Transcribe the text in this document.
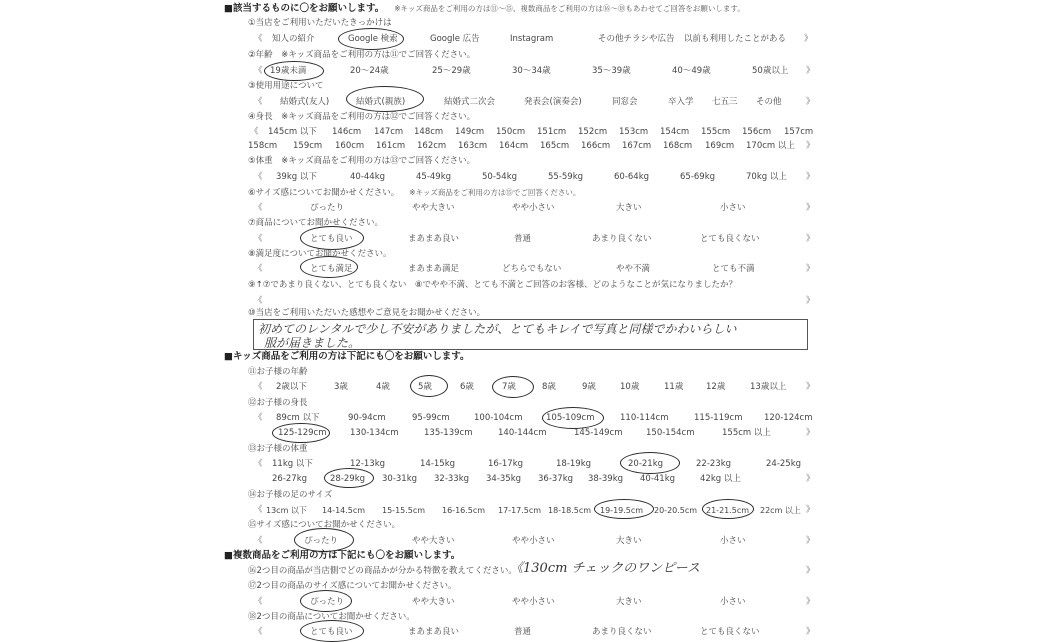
■該当するものに〇をお願いします。 ※キッズ商品をご利用の方は⑪～⑮、複数商品をご利用の方は⑯～⑱もあわせてご回答をお願いします。
①当店をご利用いただいたきっかけは
《 知人の紹介	Google 検索	Google 広告	Instagram	その他チラシや広告 以前も利用したことがある 》
②年齢　※キッズ商品をご利用の方は⑪でご回答ください。
《 19歳未満	20～24歳	25～29歳	30～34歳	35～39歳	40～49歳	50歳以上 》
③使用用途について
《 結婚式(友人)	結婚式(親族)	結婚式二次会	発表会(演奏会)	同窓会	卒入学 七五三 その他	》
④身長　※キッズ商品をご利用の方は⑫でご回答ください。
《 145cm 以下 146cm 147cm 148cm 149cm 150cm 151cm 152cm 153cm 154cm 155cm 156cm 157cm
158cm 159cm 160cm 161cm 162cm 163cm 164cm 165cm 166cm 167cm 168cm 169cm 170cm 以上 》
⑤体重　※キッズ商品をご利用の方は⑬でご回答ください。
《 39kg 以下	40-44kg	45-49kg	50-54kg	55-59kg	60-64kg	65-69kg	70kg 以上 》
⑥サイズ感についてお聞かせください。 ※キッズ商品をご利用の方は⑮でご回答ください。
《	ぴったり	やや大きい	やや小さい	大きい	小さい	》
⑦商品についてお聞かせください。
《	とても良い	まあまあ良い	普通	あまり良くない	とても良くない	》
⑧満足度についてお聞かせください。
《	とても満足	まあまあ満足	どちらでもない	やや不満	とても不満	》
⑨↑⑦であまり良くない、とても良くない　⑧でやや不満、とても不満とご回答のお客様、どのようなことが気になりましたか？
《	》
⑩当店をご利用いただいた感想やご意見をお聞かせください。
初めてのレンタルで少し不安がありましたが、とてもキレイで写真と同様でかわいらしい
服が届きました。
■キッズ商品をご利用の方は下記にも〇をお願いします。
⑪お子様の年齢
《 2歳以下	3歳	4歳	5歳	6歳	7歳	8歳	9歳	10歳	11歳	12歳	13歳以上 》
⑫お子様の身長
《 89cm 以下	90-94cm	95-99cm	100-104cm	105-109cm	110-114cm	115-119cm	120-124cm
125-129cm	130-134cm	135-139cm	140-144cm	145-149cm	150-154cm	155cm 以上	》
⑬お子様の体重
《 11kg 以下	12-13kg	14-15kg	16-17kg	18-19kg	20-21kg	22-23kg	24-25kg
26-27kg	28-29kg 30-31kg 32-33kg 34-35kg 36-37kg 38-39kg 40-41kg	42kg 以上	》
⑭お子様の足のサイズ
《 13cm 以下 14-14.5cm 15-15.5cm 16-16.5cm 17-17.5cm 18-18.5cm 19-19.5cm 20-20.5cm 21-21.5cm 22cm 以上 》
⑮サイズ感についてお聞かせください。
《	ぴったり	やや大きい	やや小さい	大きい	小さい	》
■複数商品をご利用の方は下記にも〇をお願いします。
⑯2つ目の商品が当店側でどの商品かが分かる特徴を教えてください。
《130cm チェックのワンピース	》
⑰2つ目の商品のサイズ感についてお聞かせください。
《	ぴったり	やや大きい	やや小さい	大きい	小さい	》
⑱2つ目の商品についてお聞かせください。
《	とても良い	まあまあ良い	普通	あまり良くない	とても良くない	》
